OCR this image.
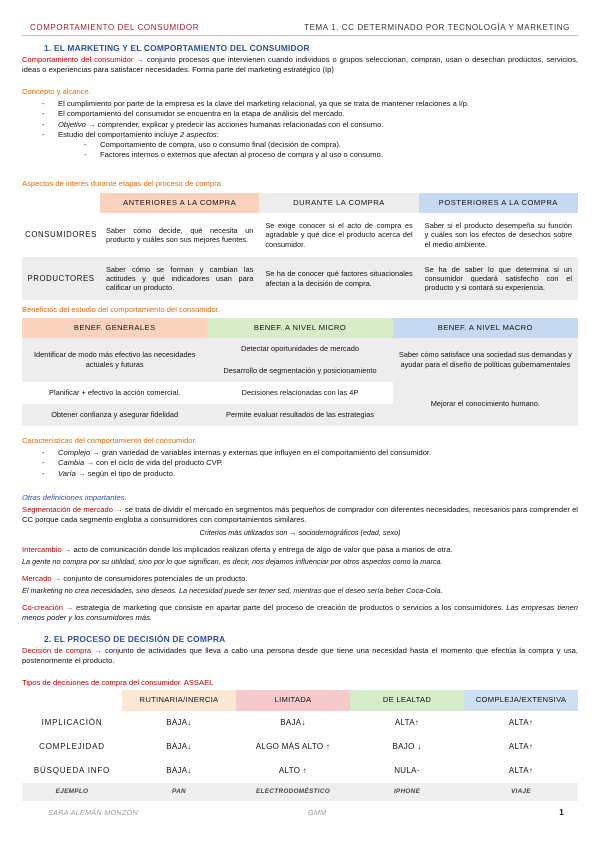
COMPORTAMIENTO DEL CONSUMIDOR	TEMA 1. CC DETERMINADO POR TECNOLOGÍA Y MARKETING
1. EL MARKETING Y EL COMPORTAMIENTO DEL CONSUMIDOR
Comportamiento del consumidor → conjunto procesos que intervienen cuando individuos o grupos seleccionan, compran, usan o desechan productos, servicios, ideas o experiencias para satisfacer necesidades. Forma parte del marketing estratégico (Ip)
Concepto y alcance.
- El cumplimiento por parte de la empresa es la clave del marketing relacional, ya que se trata de mantener relaciones a l/p.
- El comportamiento del consumidor se encuentra en la etapa de análisis del mercado.
- Objetivo → comprender, explicar y predecir las acciones humanas relacionadas con el consumo.
- Estudio del comportamiento incluye 2 aspectos:
- Comportamiento de compra, uso o consumo final (decisión de compra).
- Factores internos o externos que afectan al proceso de compra y al uso o consumo.
Aspectos de interés durante etapas del proceso de compra.
	ANTERIORES A LA COMPRA	DURANTE LA COMPRA	POSTERIORES A LA COMPRA
CONSUMIDORES	Saber cómo decide, qué necesita un producto y cuáles son sus mejores fuentes.	Se exige conocer si el acto de compra es agradable y qué dice el producto acerca del consumidor.	Saber si el producto desempeña su función y cuáles son los efectos de desechos sobre el medio ambiente.
PRODUCTORES	Saber cómo se forman y cambian las actitudes y qué indicadores usan para calificar un producto.	Se ha de conocer qué factores situacionales afectan a la decisión de compra.	Se ha de saber lo que determina si un consumidor quedará satisfecho con el producto y si contará su experiencia.
Beneficios del estudio del comportamiento del consumidor.
BENEF. GENERALES	BENEF. A NIVEL MICRO	BENEF. A NIVEL MACRO
Identificar de modo más efectivo las necesidades actuales y futuras	Detectar oportunidades de mercado	Saber cómo satisface una sociedad sus demandas y ayudar para el diseño de políticas gubernamentales
	Desarrollo de segmentación y posicionamiento	
Planificar + efectivo la acción comercial.	Decisiones relacionadas con las 4P	Mejorar el conocimiento humano.
Obtener confianza y asegurar fidelidad	Permite evaluar resultados de las estrategias	
Características del comportamiento del consumidor.
- Complejo → gran variedad de variables internas y externas que influyen en el comportamiento del consumidor.
- Cambia → con el ciclo de vida del producto CVP.
- Varía → según el tipo de producto.
Otras definiciones importantes.
Segmentación de mercado → se trata de dividir el mercado en segmentos más pequeños de comprador con diferentes necesidades, necesarios para comprender el CC porque cada segmento engloba a consumidores con comportamientos similares.
Criterios más utilizados son → sociodemográficos (edad, sexo)
Intercambio → acto de comunicación donde los implicados realizan oferta y entrega de algo de valor que pasa a manos de otra.
La gente no compra por su utilidad, sino por lo que significan, es decir, nos dejamos influenciar por otros aspectos como la marca.
Mercado → conjunto de consumidores potenciales de un producto.
El marketing no crea necesidades, sino deseos. La necesidad puede ser tener sed, mientras que el deseo sería beber Coca-Cola.
Co-creación → estrategia de marketing que consiste en apartar parte del proceso de creación de productos o servicios a los consumidores. Las empresas tienen menos poder y los consumidores más.
2. EL PROCESO DE DECISIÓN DE COMPRA
Decisión de compra → conjunto de actividades que lleva a cabo una persona desde que tiene una necesidad hasta el momento que efectúa la compra y usa, posteriormente el producto.
Tipos de decisiones de compra del consumidor. ASSAEL
	RUTINARIA/INERCIA	LIMITADA	DE LEALTAD	COMPLEJA/EXTENSIVA
IMPLICACIÓN	BAJA↓	BAJA↓	ALTA↑	ALTA↑
COMPLEJIDAD	BAJA↓	ALGO MÁS ALTO ↑	BAJO ↓	ALTA↑
BÚSQUEDA INFO	BAJA↓	ALTO ↑	NULA-	ALTA↑
EJEMPLO	PAN	ELECTRODOMÉSTICO	IPHONE	VIAJE
SARA ALEMÁN MONZÓN	GMM	1
